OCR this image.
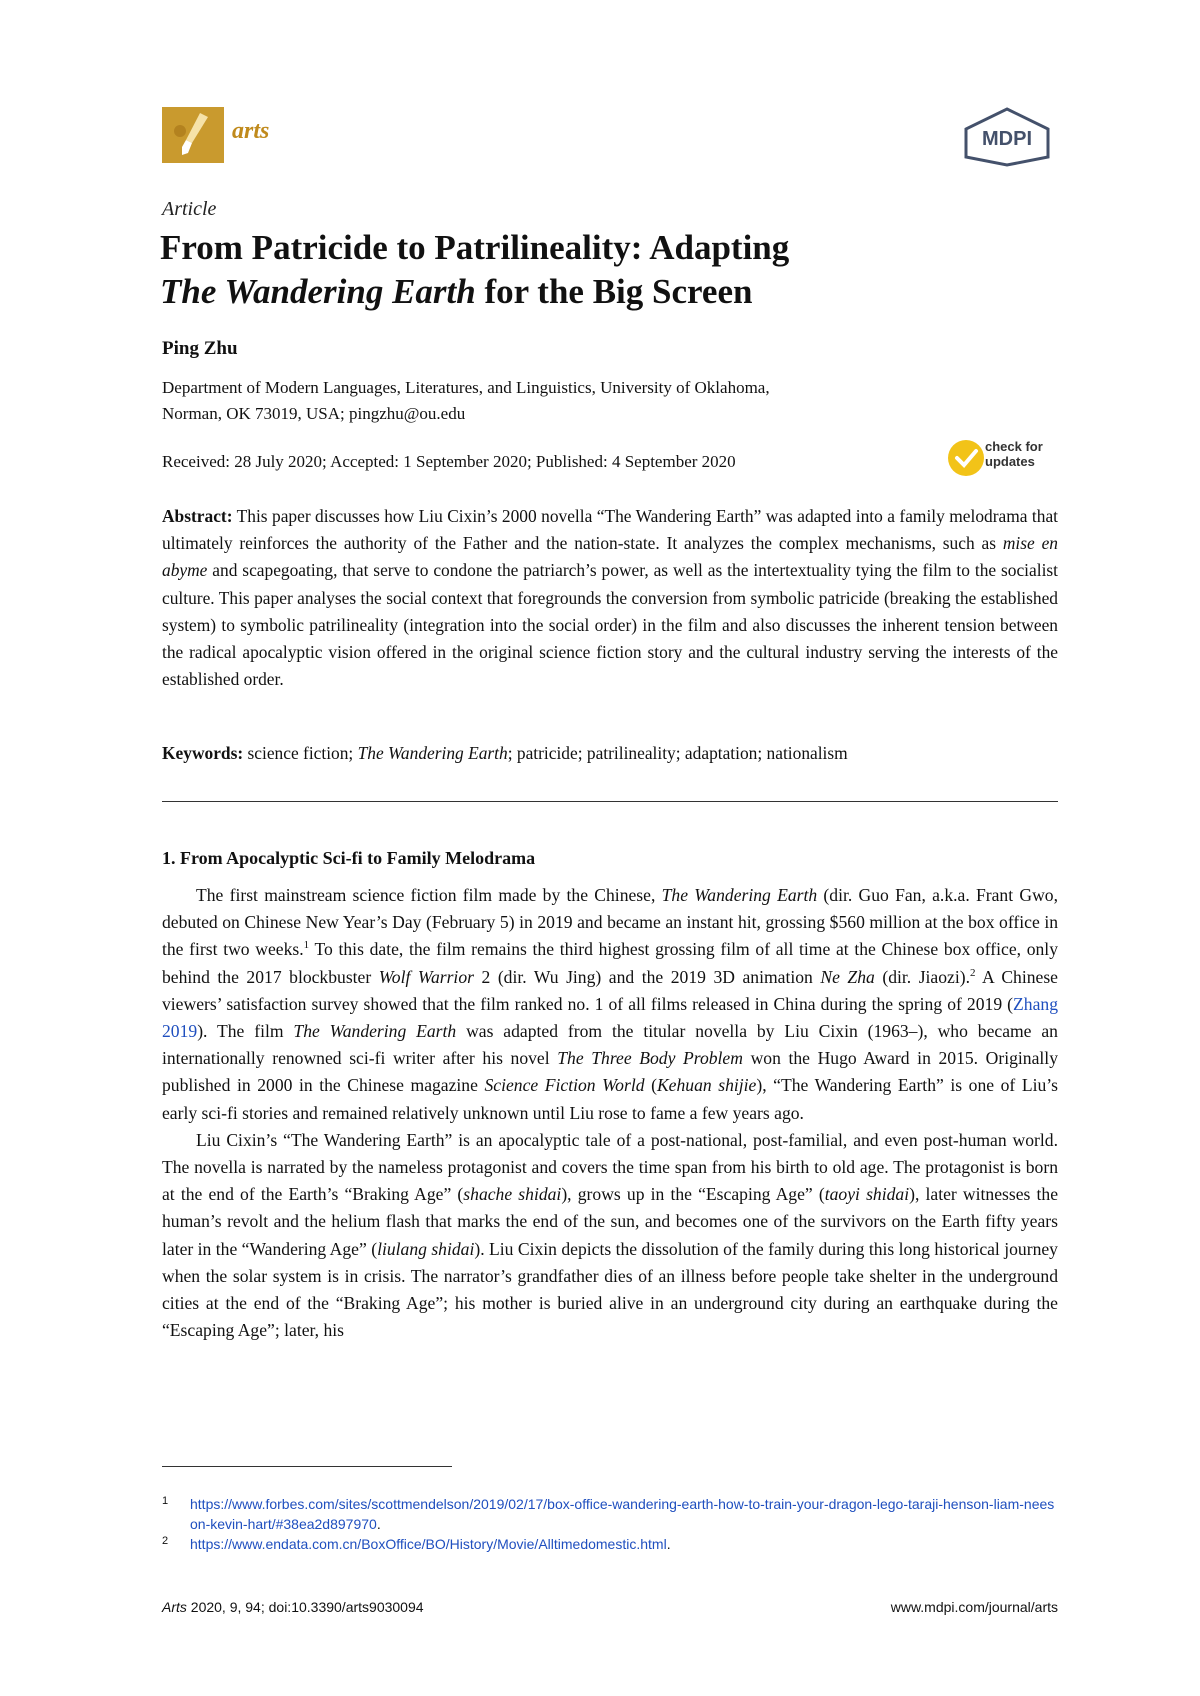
arts	MDPI
Article
From Patricide to Patrilineality: Adapting
The Wandering Earth for the Big Screen
Ping Zhu
Department of Modern Languages, Literatures, and Linguistics, University of Oklahoma,
Norman, OK 73019, USA; pingzhu@ou.edu
Received: 28 July 2020; Accepted: 1 September 2020; Published: 4 September 2020
check for
updates
Abstract: This paper discusses how Liu Cixin’s 2000 novella “The Wandering Earth” was adapted into a family melodrama that ultimately reinforces the authority of the Father and the nation-state. It analyzes the complex mechanisms, such as mise en abyme and scapegoating, that serve to condone the patriarch’s power, as well as the intertextuality tying the film to the socialist culture. This paper analyses the social context that foregrounds the conversion from symbolic patricide (breaking the established system) to symbolic patrilineality (integration into the social order) in the film and also discusses the inherent tension between the radical apocalyptic vision offered in the original science fiction story and the cultural industry serving the interests of the established order.
Keywords: science fiction; The Wandering Earth; patricide; patrilineality; adaptation; nationalism
1. From Apocalyptic Sci-fi to Family Melodrama

The first mainstream science fiction film made by the Chinese, The Wandering Earth (dir. Guo Fan, a.k.a. Frant Gwo, debuted on Chinese New Year’s Day (February 5) in 2019 and became an instant hit, grossing $560 million at the box office in the first two weeks.$^1$ To this date, the film remains the third highest grossing film of all time at the Chinese box office, only behind the 2017 blockbuster Wolf Warrior 2 (dir. Wu Jing) and the 2019 3D animation Ne Zha (dir. Jiaozi).$^2$ A Chinese viewers’ satisfaction survey showed that the film ranked no. 1 of all films released in China during the spring of 2019 (Zhang 2019). The film The Wandering Earth was adapted from the titular novella by Liu Cixin (1963–), who became an internationally renowned sci-fi writer after his novel The Three Body Problem won the Hugo Award in 2015. Originally published in 2000 in the Chinese magazine Science Fiction World (Kehuan shijie), “The Wandering Earth” is one of Liu’s early sci-fi stories and remained relatively unknown until Liu rose to fame a few years ago.

Liu Cixin’s “The Wandering Earth” is an apocalyptic tale of a post-national, post-familial, and even post-human world. The novella is narrated by the nameless protagonist and covers the time span from his birth to old age. The protagonist is born at the end of the Earth’s “Braking Age” (shache shidai), grows up in the “Escaping Age” (taoyi shidai), later witnesses the human’s revolt and the helium flash that marks the end of the sun, and becomes one of the survivors on the Earth fifty years later in the “Wandering Age” (liulang shidai). Liu Cixin depicts the dissolution of the family during this long historical journey when the solar system is in crisis. The narrator’s grandfather dies of an illness before people take shelter in the underground cities at the end of the “Braking Age”; his mother is buried alive in an underground city during an earthquake during the “Escaping Age”; later, his

1 https://www.forbes.com/sites/scottmendelson/2019/02/17/box-office-wandering-earth-how-to-train-your-dragon-lego-taraji-henson-liam-neeson-kevin-hart/#38ea2d897970.
2 https://www.endata.com.cn/BoxOffice/BO/History/Movie/Alltimedomestic.html.
Arts 2020, 9, 94; doi:10.3390/arts9030094	www.mdpi.com/journal/arts
